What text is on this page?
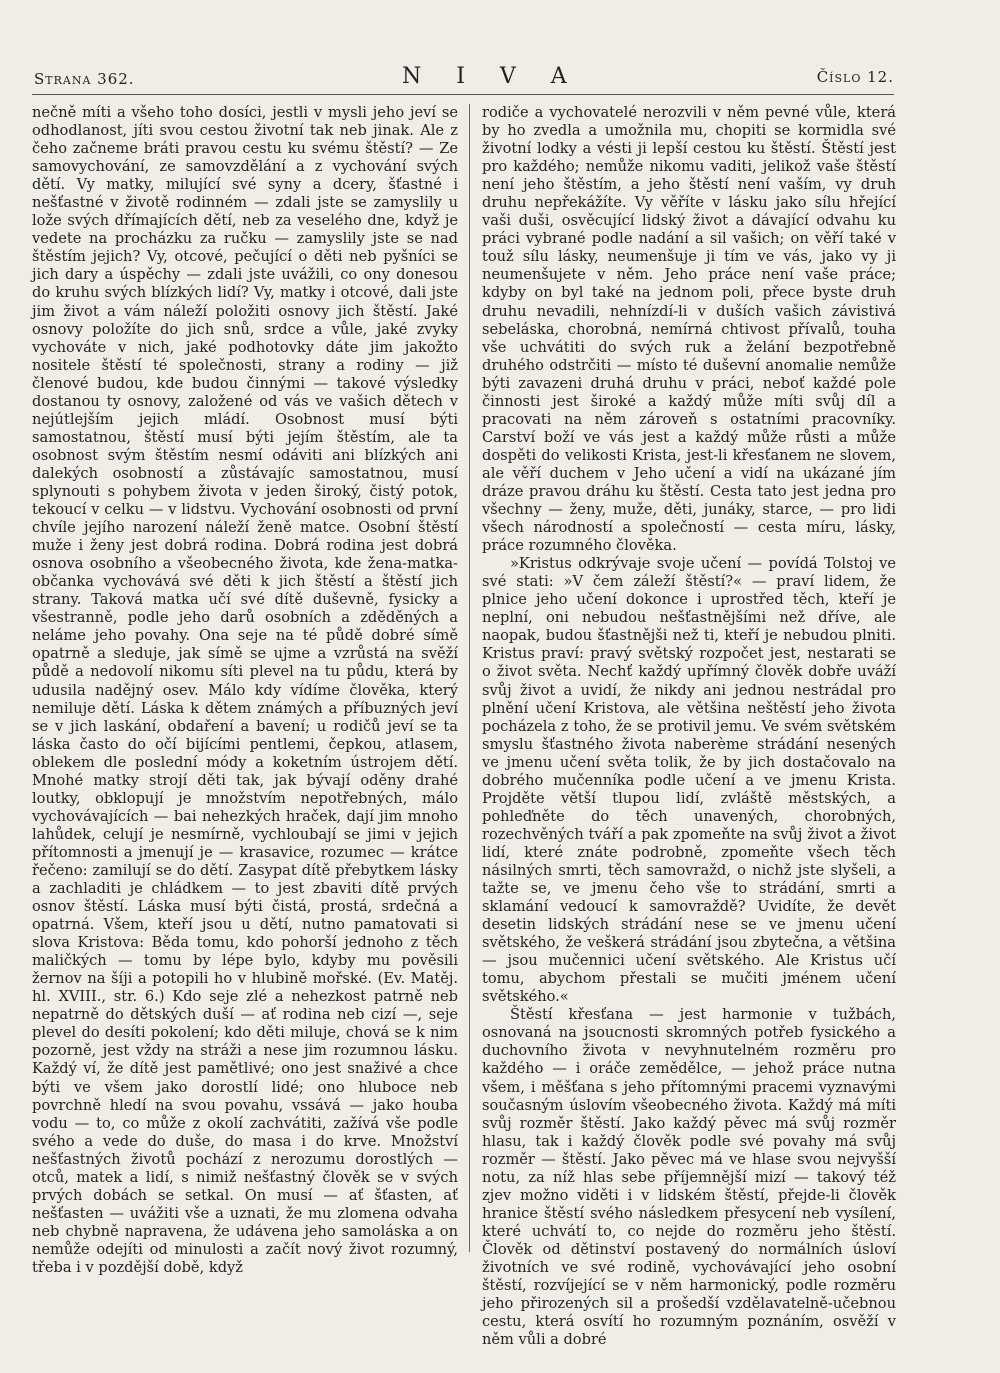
Strana 362.	N I V A	Číslo 12.

nečně míti a všeho toho dosíci, jestli v mysli jeho jeví se odhodlanost, jíti svou cestou životní tak neb jinak. Ale z čeho začneme bráti pravou cestu ku svému štěstí? — Ze samovychování, ze samovzdělání a z vychování svých dětí. Vy matky, milující své syny a dcery, šťastné i nešťastné v životě rodinném — zdali jste se zamyslily u lože svých dřímajících dětí, neb za veselého dne, když je vedete na procházku za ručku — zamyslily jste se nad štěstím jejich? Vy, otcové, pečující o děti neb pyšníci se jich dary a úspěchy — zdali jste uvážili, co ony donesou do kruhu svých blízkých lidí? Vy, matky i otcové, dali jste jim život a vám náleží položiti osnovy jich štěstí. Jaké osnovy položíte do jich snů, srdce a vůle, jaké zvyky vychováte v nich, jaké podhotovky dáte jim jakožto nositele štěstí té společnosti, strany a rodiny — již členové budou, kde budou činnými — takové výsledky dostanou ty osnovy, založené od vás ve vašich dětech v nejútlejším jejich mládí. Osobnost musí býti samostatnou, štěstí musí býti jejím štěstím, ale ta osobnost svým štěstím nesmí odáviti ani blízkých ani dalekých osobností a zůstávajíc samostatnou, musí splynouti s pohybem života v jeden široký, čistý potok, tekoucí v celku — v lidstvu. Vychování osobnosti od první chvíle jejího narození náleží ženě matce. Osobní štěstí muže i ženy jest dobrá rodina. Dobrá rodina jest dobrá osnova osobního a všeobecného života, kde žena-matka-občanka vychovává své děti k jich štěstí a štěstí jich strany. Taková matka učí své dítě duševně, fysicky a všestranně, podle jeho darů osobních a zděděných a nelámе jeho povahy. Ona seje na té půdě dobré símě opatrně a sleduje, jak símě se ujme a vzrůstá na svěží půdě a nedovolí nikomu síti plevel na tu půdu, která by udusila nadějný osev. Málo kdy vídíme člověka, který nemiluje dětí. Láska k dětem známých a příbuzných jeví se v jich laskání, obdaření a bavení; u rodičů jeví se ta láska často do očí bijícími pentlemi, čepkou, atlasem, oblekem dle poslední módy a koketním ústrojem dětí. Mnohé matky strojí děti tak, jak bývají oděny drahé loutky, obklopují je množstvím nepotřebných, málo vychovávajících — bai nehezkých hraček, dají jim mnoho lahůdek, celují je nesmírně, vychloubají se jimi v jejich přítomnosti a jmenují je — krasavice, rozumec — krátce řečeno: zamilují se do dětí. Zasypat dítě přebytkem lásky a zachladiti je chládkem — to jest zbaviti dítě prvých osnov štěstí. Láska musí býti čistá, prostá, srdečná a opatrná. Všem, kteří jsou u dětí, nutno pamatovati si slova Kristova: Běda tomu, kdo pohorší jednoho z těch maličkých — tomu by lépe bylo, kdyby mu pověsili žernov na šíji a potopili ho v hlubině mořské. (Ev. Matěj. hl. XVIII., str. 6.) Kdo seje zlé a nehezkost patrně neb nepatrně do dětských duší — ať rodina neb cizí —, seje plevel do desíti pokolení; kdo děti miluje, chová se k nim pozorně, jest vždy na stráži a nese jim rozumnou lásku. Každý ví, že dítě jest pamětlivé; ono jest snaživé a chce býti ve všem jako dorostlí lidé; ono hluboce neb povrchně hledí na svou povahu, vssává — jako houba vodu — to, co může z okolí zachvátiti, zažívá vše podle svého a vede do duše, do masa i do krve. Množství nešťastných životů pochází z nerozumu dorostlých — otců, matek a lidí, s nimiž nešťastný člověk se v svých prvých dobách se setkal. On musí — ať šťasten, ať nešťasten — uvážiti vše a uznati, že mu zlomena odvaha neb chybně napravena, že udávena jeho samoláska a on nemůže odejíti od minulosti a začít nový život rozumný, třeba i v pozdější době, když

rodiče a vychovatelé nerozvili v něm pevné vůle, která by ho zvedla a umožnila mu, chopiti se kormidla své životní lodky a vésti ji lepší cestou ku štěstí. Štěstí jest pro každého; nemůže nikomu vaditi, jelikož vaše štěstí není jeho štěstím, a jeho štěstí není vaším, vy druh druhu nepřekážíte. Vy věříte v lásku jako sílu hřející vaši duši, osvěcující lidský život a dávající odvahu ku práci vybrané podle nadání a sil vašich; on věří také v touž sílu lásky, neumenšuje ji tím ve vás, jako vy ji neumenšujete v něm. Jeho práce není vaše práce; kdyby on byl také na jednom poli, přece byste druh druhu nevadili, nehnízdí-li v duších vašich závistivá sebeláska, chorobná, nemírná chtivost přívalů, touha vše uchvátiti do svých ruk a želání bezpotřebně druhého odstrčiti — místo té duševní anomalie nemůže býti zavazeni druhá druhu v práci, neboť každé pole činnosti jest široké a každý může míti svůj díl a pracovati na něm zároveň s ostatními pracovníky. Carství boží ve vás jest a každý může růsti a může dospěti do velikosti Krista, jest-li křesťanem ne slovem, ale věří duchem v Jeho učení a vidí na ukázané jím dráze pravou dráhu ku štěstí. Cesta tato jest jedna pro všechny — ženy, muže, děti, junáky, starce, — pro lidi všech národností a společností — cesta míru, lásky, práce rozumného člověka.

»Kristus odkrývaje svoje učení — povídá Tolstoj ve své stati: »V čem záleží štěstí?« — praví lidem, že plnice jeho učení dokonce i uprostřed těch, kteří je neplní, oni nebudou nešťastnějšími než dříve, ale naopak, budou šťastnějši než ti, kteří je nebudou plniti. Kristus praví: pravý světský rozpočet jest, nestarati se o život světa. Nechť každý upřímný člověk dobře uváží svůj život a uvidí, že nikdy ani jednou nestrádal pro plnění učení Kristova, ale většina neštěstí jeho života pocházela z toho, že se protivil jemu. Ve svém světském smyslu šťastného života naberème strádání nesených ve jmenu učení světa tolik, že by jich dostačovalo na dobrého mučenníka podle učení a ve jmenu Krista. Projděte větší tlupou lidí, zvláště městských, a pohleďněte do těch unavených, chorobných, rozechvěných tváří a pak zpomeňte na svůj život a život lidí, které znáte podrobně, zpomeňte všech těch násilných smrti, těch samovražd, o nichž jste slyšeli, a tažte se, ve jmenu čeho vše to strádání, smrti a sklamání vedoucí k samovraždě? Uvidíte, že devět desetin lidských strádání nese se ve jmenu učení světského, že veškerá strádání jsou zbytečna, a většina — jsou mučennici učení světského. Ale Kristus učí tomu, abychom přestali se mučiti jménem učení světského.«

Štěstí křesťana — jest harmonie v tužbách, osnovaná na jsoucnosti skromných potřeb fysického a duchovního života v nevyhnutelném rozměru pro každého — i oráče zemědělce, — jehož práce nutna všem, i měšťana s jeho přítomnými pracemi vyznavými současným úslovím všeobecného života. Každý má míti svůj rozměr štěstí. Jako každý pěvec má svůj rozměr hlasu, tak i každý člověk podle své povahy má svůj rozměr — štěstí. Jako pěvec má ve hlase svou nejvyšší notu, za níž hlas sebe příjemnější mizí — takový též zjev možno viděti i v lidském štěstí, přejde-li člověk hranice štěstí svého následkem přesycení neb vysílení, které uchvátí to, co nejde do rozměru jeho štěstí. Člověk od dětinství postavený do normálních úsloví životních ve své rodině, vychovávající jeho osobní štěstí, rozvíjející se v něm harmonický, podle rozměru jeho přirozených sil a prošedší vzdělavatelně-učebnou cestu, která osvítí ho rozumným poznáním, osvěží v něm vůli a dobré
